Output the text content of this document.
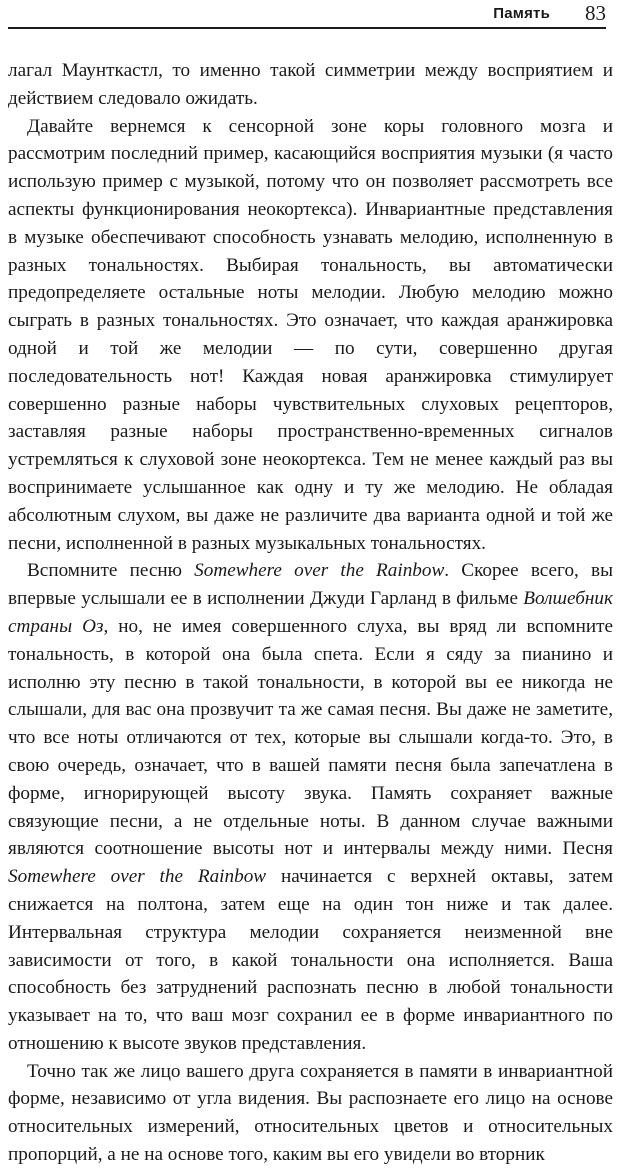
Память 83

лагал Маунткастл, то именно такой симметрии между восприятием и действием следовало ожидать.

Давайте вернемся к сенсорной зоне коры головного мозга и рассмотрим последний пример, касающийся восприятия музыки (я часто использую пример с музыкой, потому что он позволяет рассмотреть все аспекты функционирования неокортекса). Инвариантные представления в музыке обеспечивают способность узнавать мелодию, исполненную в разных тональностях. Выбирая тональность, вы автоматически предопределяете остальные ноты мелодии. Любую мелодию можно сыграть в разных тональностях. Это означает, что каждая аранжировка одной и той же мелодии — по сути, совершенно другая последовательность нот! Каждая новая аранжировка стимулирует совершенно разные наборы чувствительных слуховых рецепторов, заставляя разные наборы пространственно-временных сигналов устремляться к слуховой зоне неокортекса. Тем не менее каждый раз вы воспринимаете услышанное как одну и ту же мелодию. Не обладая абсолютным слухом, вы даже не различите два варианта одной и той же песни, исполненной в разных музыкальных тональностях.

Вспомните песню Somewhere over the Rainbow. Скорее всего, вы впервые услышали ее в исполнении Джуди Гарланд в фильме Волшебник страны Оз, но, не имея совершенного слуха, вы вряд ли вспомните тональность, в которой она была спета. Если я сяду за пианино и исполню эту песню в такой тональности, в которой вы ее никогда не слышали, для вас она прозвучит та же самая песня. Вы даже не заметите, что все ноты отличаются от тех, которые вы слышали когда-то. Это, в свою очередь, означает, что в вашей памяти песня была запечатлена в форме, игнорирующей высоту звука. Память сохраняет важные связующие песни, а не отдельные ноты. В данном случае важными являются соотношение высоты нот и интервалы между ними. Песня Somewhere over the Rainbow начинается с верхней октавы, затем снижается на полтона, затем еще на один тон ниже и так далее. Интервальная структура мелодии сохраняется неизменной вне зависимости от того, в какой тональности она исполняется. Ваша способность без затруднений распознать песню в любой тональности указывает на то, что ваш мозг сохранил ее в форме инвариантного по отношению к высоте звуков представления.

Точно так же лицо вашего друга сохраняется в памяти в инвариантной форме, независимо от угла видения. Вы распознаете его лицо на основе относительных измерений, относительных цветов и относительных пропорций, а не на основе того, каким вы его увидели во вторник
